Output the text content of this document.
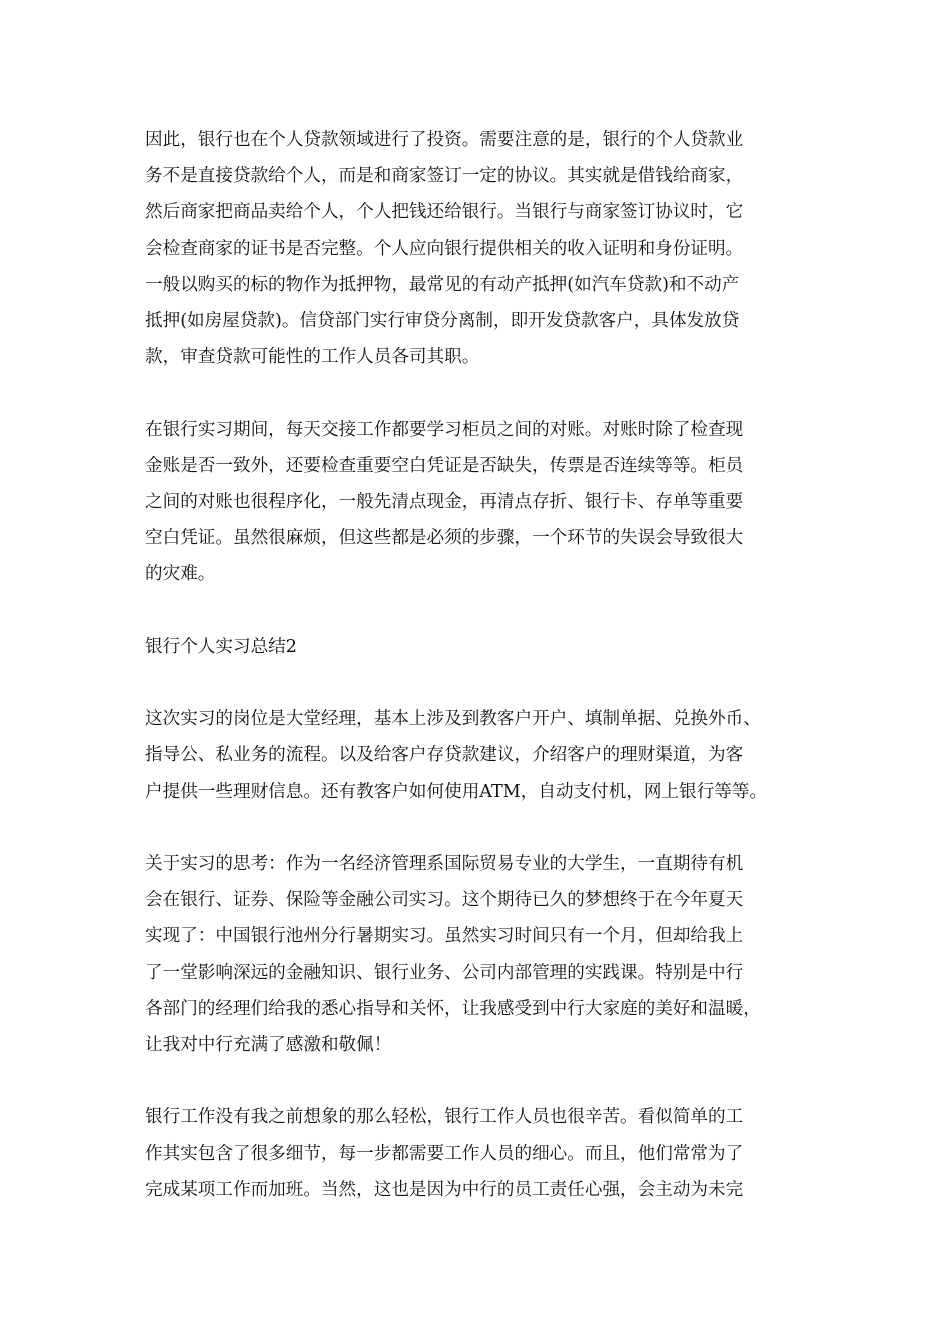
因此，银行也在个人贷款领域进行了投资。需要注意的是，银行的个人贷款业
务不是直接贷款给个人，而是和商家签订一定的协议。其实就是借钱给商家，
然后商家把商品卖给个人，个人把钱还给银行。当银行与商家签订协议时，它
会检查商家的证书是否完整。个人应向银行提供相关的收入证明和身份证明。
一般以购买的标的物作为抵押物，最常见的有动产抵押(如汽车贷款)和不动产
抵押(如房屋贷款)。信贷部门实行审贷分离制，即开发贷款客户，具体发放贷
款，审查贷款可能性的工作人员各司其职。
在银行实习期间，每天交接工作都要学习柜员之间的对账。对账时除了检查现
金账是否一致外，还要检查重要空白凭证是否缺失，传票是否连续等等。柜员
之间的对账也很程序化，一般先清点现金，再清点存折、银行卡、存单等重要
空白凭证。虽然很麻烦，但这些都是必须的步骤，一个环节的失误会导致很大
的灾难。
银行个人实习总结2
这次实习的岗位是大堂经理，基本上涉及到教客户开户、填制单据、兑换外币、
指导公、私业务的流程。以及给客户存贷款建议，介绍客户的理财渠道，为客
户提供一些理财信息。还有教客户如何使用ATM，自动支付机，网上银行等等。
关于实习的思考：作为一名经济管理系国际贸易专业的大学生，一直期待有机
会在银行、证券、保险等金融公司实习。这个期待已久的梦想终于在今年夏天
实现了：中国银行池州分行暑期实习。虽然实习时间只有一个月，但却给我上
了一堂影响深远的金融知识、银行业务、公司内部管理的实践课。特别是中行
各部门的经理们给我的悉心指导和关怀，让我感受到中行大家庭的美好和温暖，
让我对中行充满了感激和敬佩！
银行工作没有我之前想象的那么轻松，银行工作人员也很辛苦。看似简单的工
作其实包含了很多细节，每一步都需要工作人员的细心。而且，他们常常为了
完成某项工作而加班。当然，这也是因为中行的员工责任心强，会主动为未完
